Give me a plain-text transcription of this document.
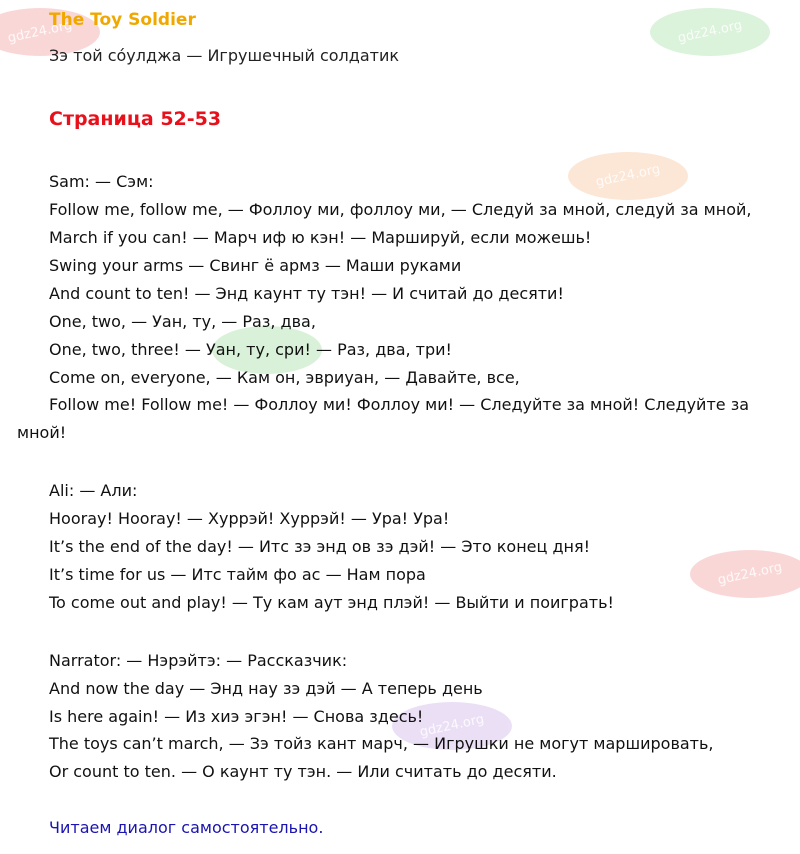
gdz24.org	gdz24.org
gdz24.org
gdz24.org
gdz24.org
The Toy Soldier
Зэ той со́улджа — Игрушечный солдатик
Страница 52-53
Sam: — Сэм:
Follow me, follow me, — Фоллоу ми, фоллоу ми, — Следуй за мной, следуй за мной,
March if you can! — Марч иф ю кэн! — Маршируй, если можешь!
Swing your arms — Свинг ё армз — Маши руками
And count to ten! — Энд каунт ту тэн! — И считай до десяти!
One, two, — Уан, ту, — Раз, два,
One, two, three! — Уан, ту, сри! — Раз, два, три!
Come on, everyone, — Кам он, эвриуан, — Давайте, все,
Follow me! Follow me! — Фоллоу ми! Фоллоу ми! — Следуйте за мной! Следуйте за
мной!
Ali: — Али:
Hooray! Hooray! — Хуррэй! Хуррэй! — Ура! Ура!
It’s the end of the day! — Итс зэ энд ов зэ дэй! — Это конец дня!
It’s time for us — Итс тайм фо ас — Нам пора
To come out and play! — Ту кам аут энд плэй! — Выйти и поиграть!
Narrator: — Нэрэйтэ: — Рассказчик:
And now the day — Энд нау зэ дэй — А теперь день
Is here again! — Из хиэ эгэн! — Снова здесь!
The toys can’t march, — Зэ тойз кант марч, — Игрушки не могут маршировать,
Or count to ten. — О каунт ту тэн. — Или считать до десяти.
Читаем диалог самостоятельно.
